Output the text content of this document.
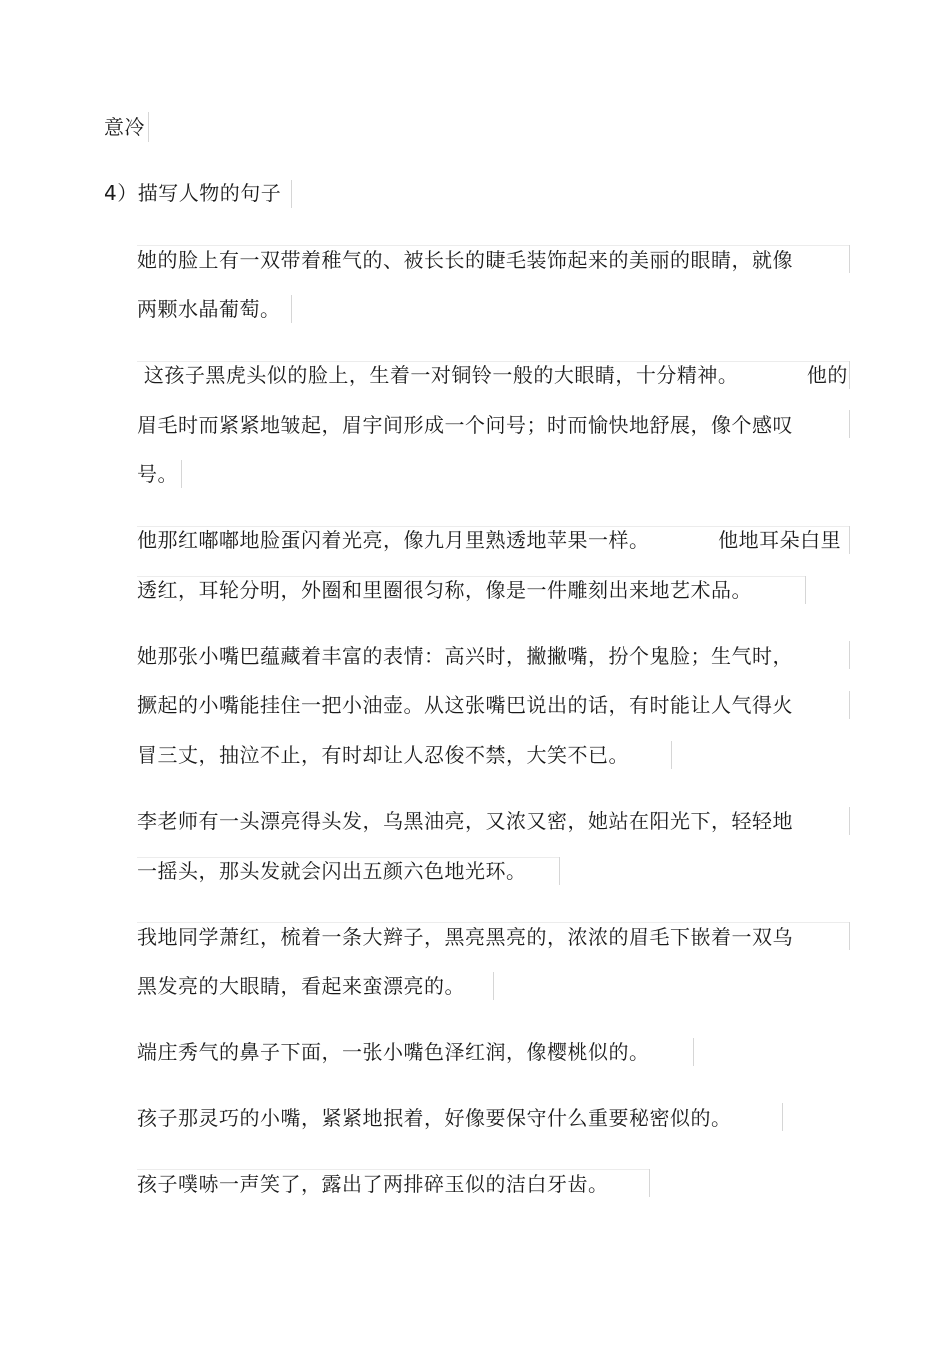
意冷
4）描写人物的句子
她的脸上有一双带着稚气的、被长长的睫毛装饰起来的美丽的眼睛，就像
两颗水晶葡萄。
这孩子黑虎头似的脸上，生着一对铜铃一般的大眼睛，十分精神。          他的
眉毛时而紧紧地皱起，眉宇间形成一个问号；时而愉快地舒展，像个感叹
号。
他那红嘟嘟地脸蛋闪着光亮，像九月里熟透地苹果一样。          他地耳朵白里
透红，耳轮分明，外圈和里圈很匀称，像是一件雕刻出来地艺术品。
她那张小嘴巴蕴藏着丰富的表情：高兴时，撇撇嘴，扮个鬼脸；生气时，
撅起的小嘴能挂住一把小油壶。从这张嘴巴说出的话，有时能让人气得火
冒三丈，抽泣不止，有时却让人忍俊不禁，大笑不已。
李老师有一头漂亮得头发，乌黑油亮，又浓又密，她站在阳光下，轻轻地
一摇头，那头发就会闪出五颜六色地光环。
我地同学萧红，梳着一条大辫子，黑亮黑亮的，浓浓的眉毛下嵌着一双乌
黑发亮的大眼睛，看起来蛮漂亮的。
端庄秀气的鼻子下面，一张小嘴色泽红润，像樱桃似的。
孩子那灵巧的小嘴，紧紧地抿着，好像要保守什么重要秘密似的。
孩子噗哧一声笑了，露出了两排碎玉似的洁白牙齿。
